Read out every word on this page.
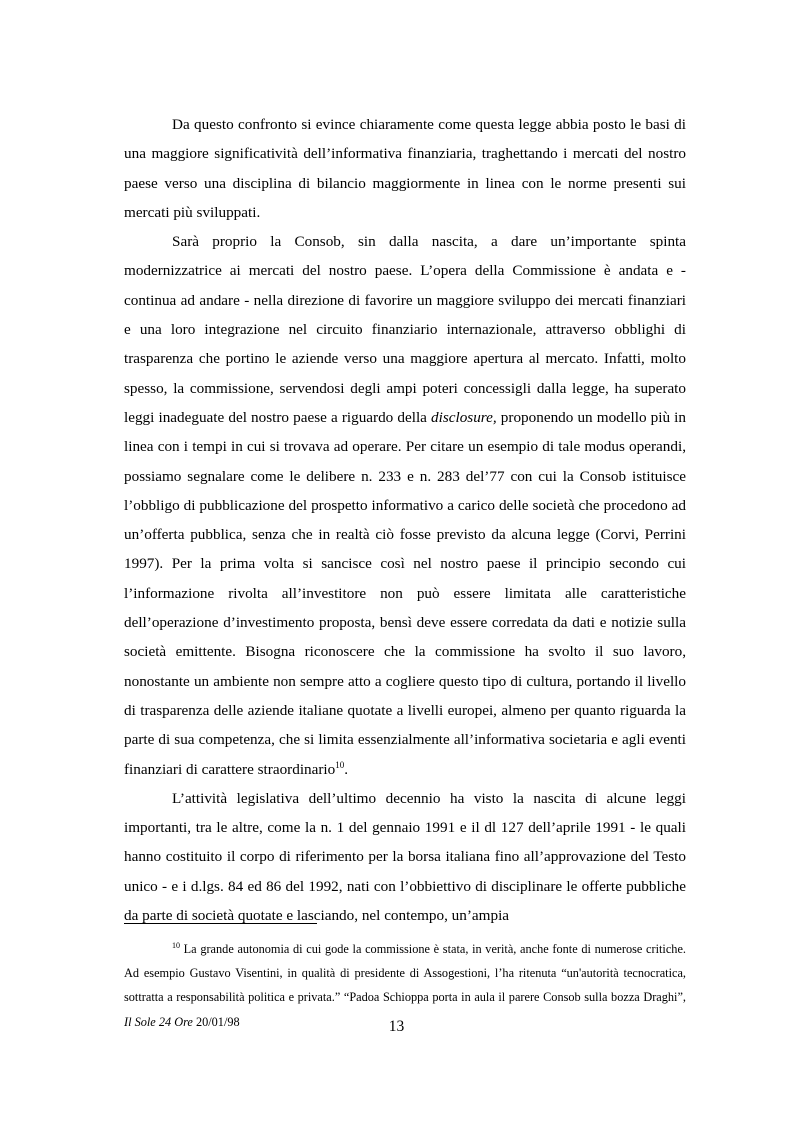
Da questo confronto si evince chiaramente come questa legge abbia posto le basi di una maggiore significatività dell’informativa finanziaria, traghettando i mercati del nostro paese verso una disciplina di bilancio maggiormente in linea con le norme presenti sui mercati più sviluppati.

Sarà proprio la Consob, sin dalla nascita, a dare un’importante spinta modernizzatrice ai mercati del nostro paese. L’opera della Commissione è andata e - continua ad andare - nella direzione di favorire un maggiore sviluppo dei mercati finanziari e una loro integrazione nel circuito finanziario internazionale, attraverso obblighi di trasparenza che portino le aziende verso una maggiore apertura al mercato. Infatti, molto spesso, la commissione, servendosi degli ampi poteri concessigli dalla legge, ha superato leggi inadeguate del nostro paese a riguardo della disclosure, proponendo un modello più in linea con i tempi in cui si trovava ad operare. Per citare un esempio di tale modus operandi, possiamo segnalare come le delibere n. 233 e n. 283 del’77 con cui la Consob istituisce l’obbligo di pubblicazione del prospetto informativo a carico delle società che procedono ad un’offerta pubblica, senza che in realtà ciò fosse previsto da alcuna legge (Corvi, Perrini 1997). Per la prima volta si sancisce così nel nostro paese il principio secondo cui l’informazione rivolta all’investitore non può essere limitata alle caratteristiche dell’operazione d’investimento proposta, bensì deve essere corredata da dati e notizie sulla società emittente. Bisogna riconoscere che la commissione ha svolto il suo lavoro, nonostante un ambiente non sempre atto a cogliere questo tipo di cultura, portando il livello di trasparenza delle aziende italiane quotate a livelli europei, almeno per quanto riguarda la parte di sua competenza, che si limita essenzialmente all’informativa societaria e agli eventi finanziari di carattere straordinario$^{10}$.

L’attività legislativa dell’ultimo decennio ha visto la nascita di alcune leggi importanti, tra le altre, come la n. 1 del gennaio 1991 e il dl 127 dell’aprile 1991 - le quali hanno costituito il corpo di riferimento per la borsa italiana fino all’approvazione del Testo unico - e i d.lgs. 84 ed 86 del 1992, nati con l’obbiettivo di disciplinare le offerte pubbliche da parte di società quotate e lasciando, nel contempo, un’ampia

$^{10}$ La grande autonomia di cui gode la commissione è stata, in verità, anche fonte di numerose critiche. Ad esempio Gustavo Visentini, in qualità di presidente di Assogestioni, l’ha ritenuta “un'autorità tecnocratica, sottratta a responsabilità politica e privata.” “Padoa Schioppa porta in aula il parere Consob sulla bozza Draghi”, Il Sole 24 Ore 20/01/98	13
